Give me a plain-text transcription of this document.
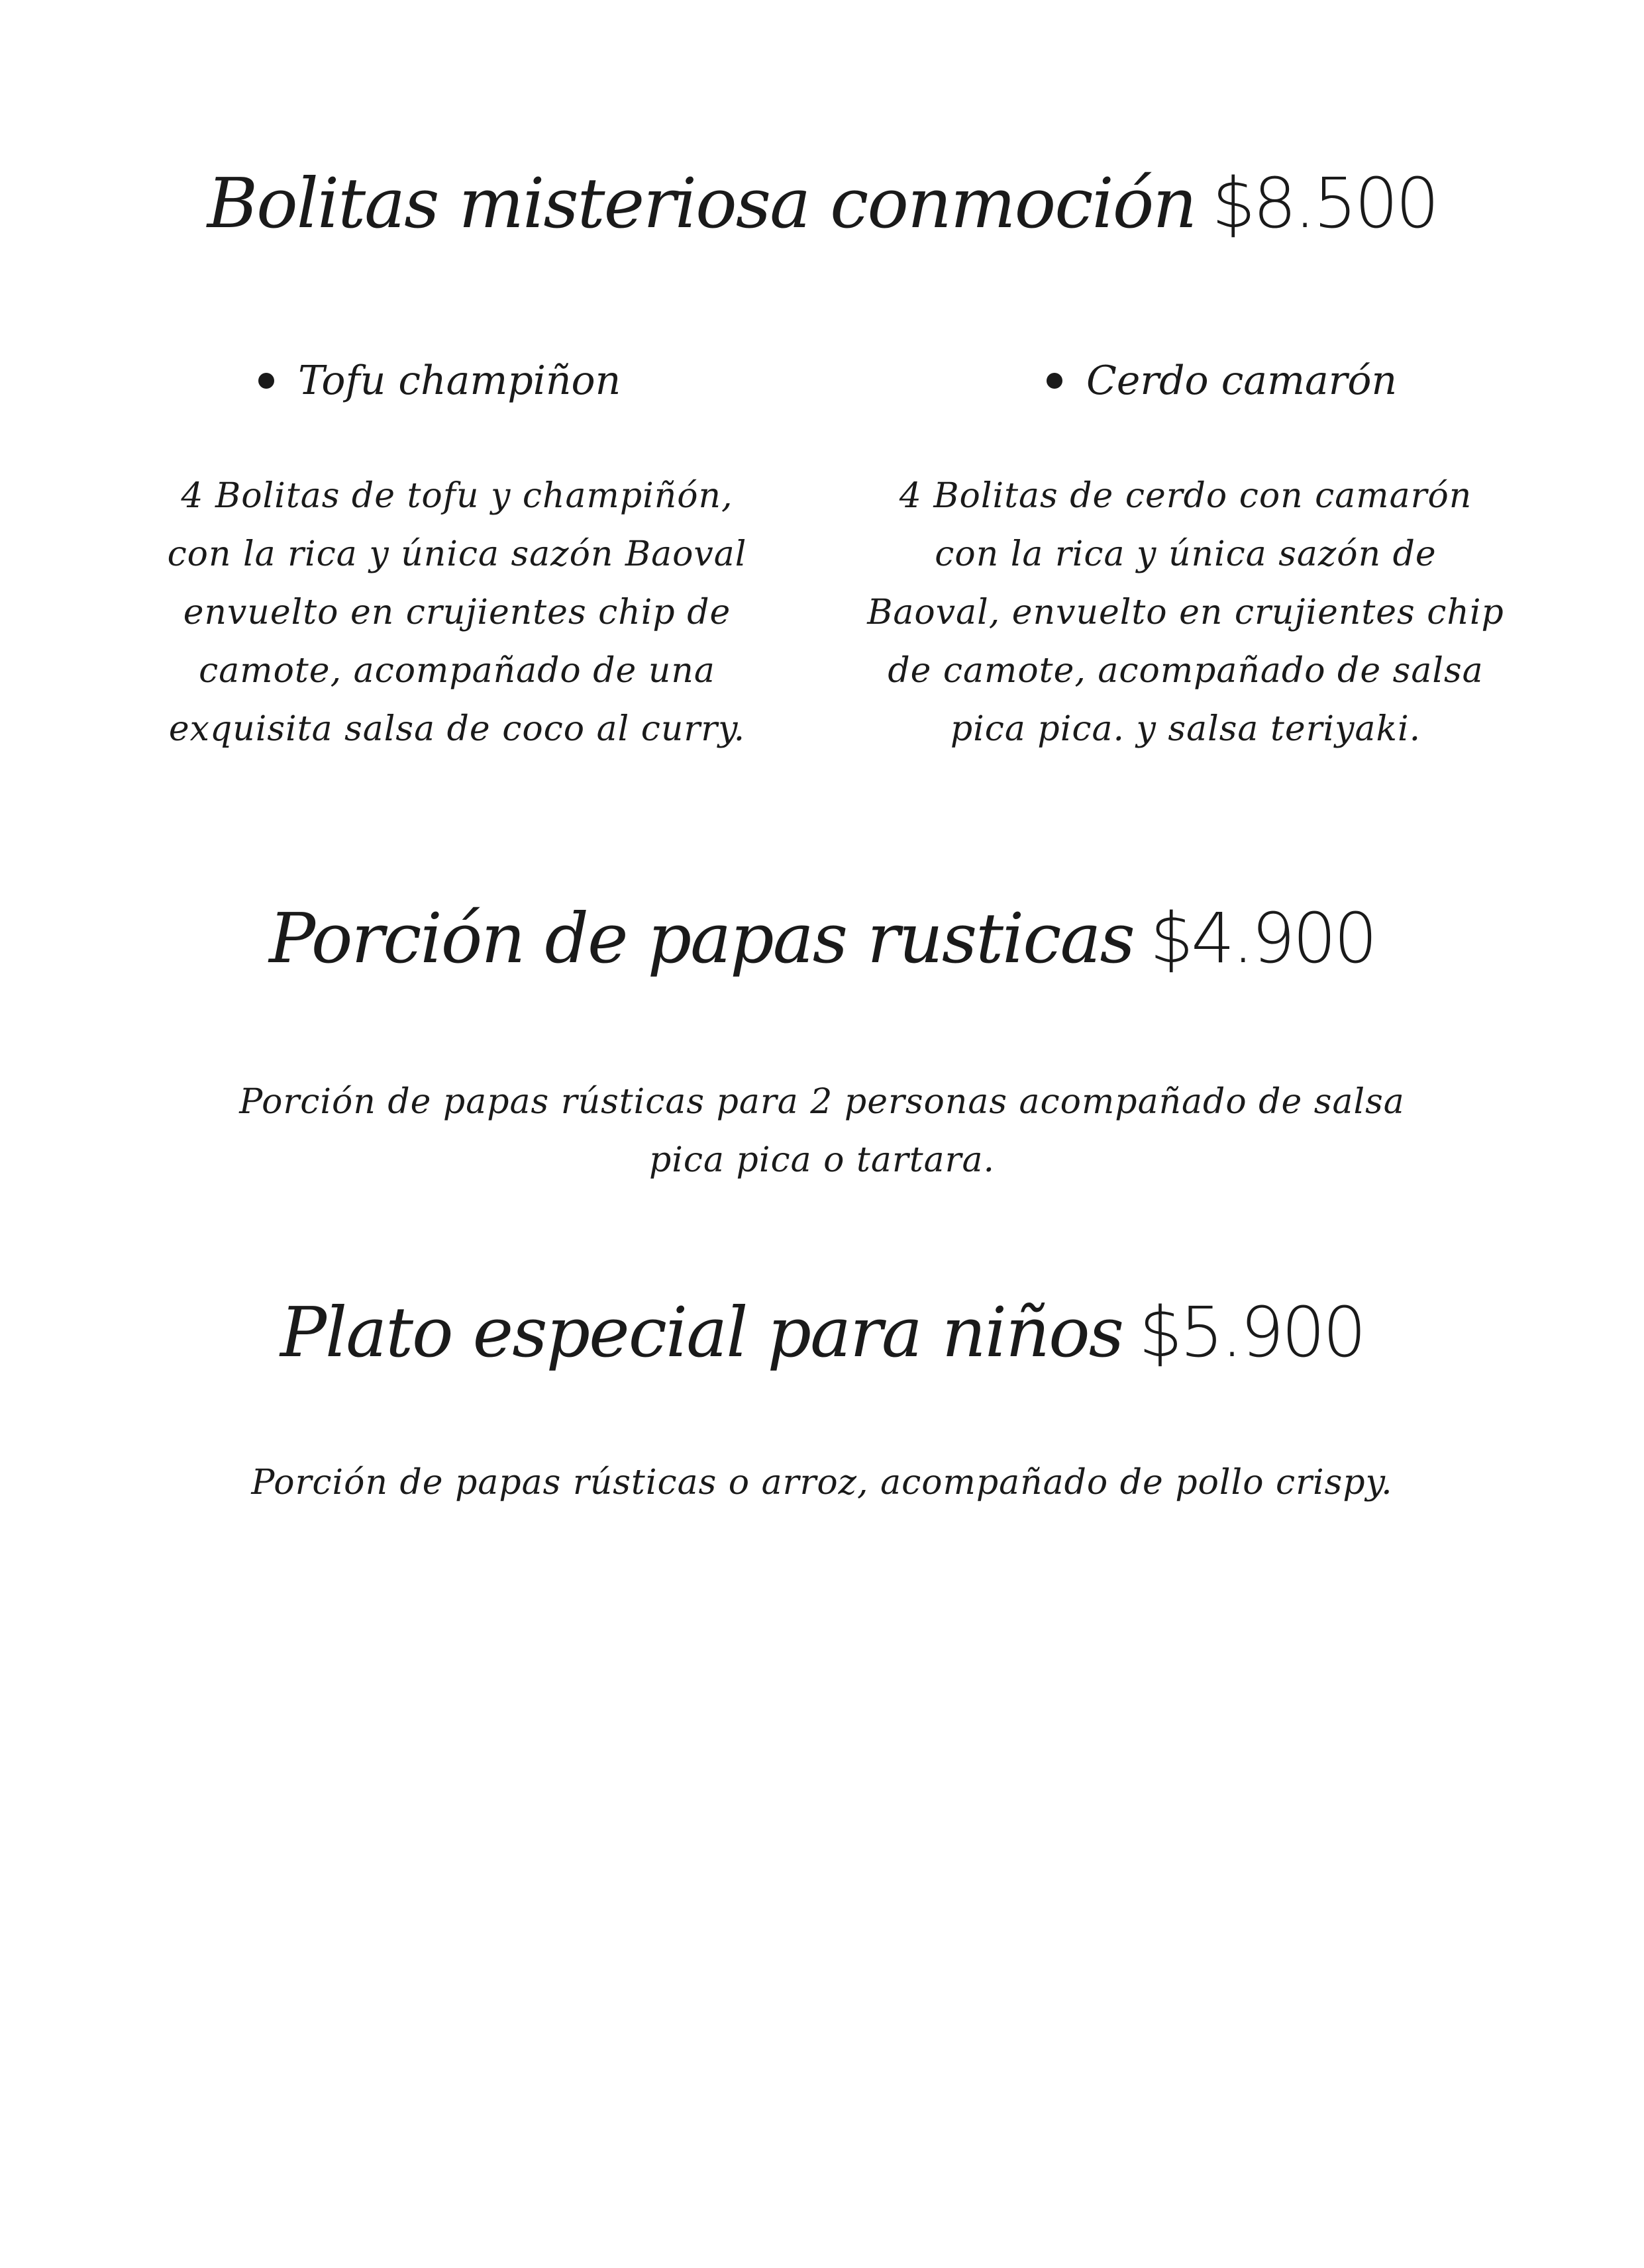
Bolitas misteriosa conmoción $8.500
Tofu champiñon	Cerdo camarón
4 Bolitas de tofu y champiñón,
con la rica y única sazón Baoval
envuelto en crujientes chip de
camote, acompañado de una
exquisita salsa de coco al curry.
4 Bolitas de cerdo con camarón
con la rica y única sazón de
Baoval, envuelto en crujientes chip
de camote, acompañado de salsa
pica pica. y salsa teriyaki.
Porción de papas rusticas $4.900
Porción de papas rústicas para 2 personas acompañado de salsa
pica pica o tartara.
Plato especial para niños $5.900
Porción de papas rústicas o arroz, acompañado de pollo crispy.
